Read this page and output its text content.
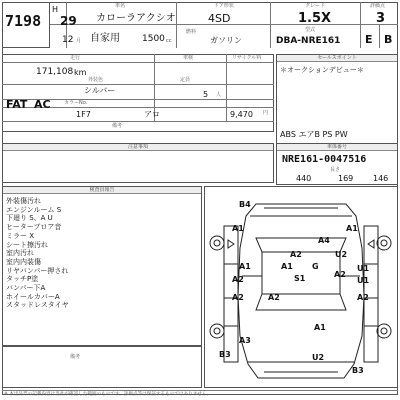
7198
車名	ドア形状	グレード	評価点
H
29 カローラアクシオ	4SD	1.5X	3
12 月 自家用 1500 cc
燃料
ガソリン
型式
DBA-NRE161 E B
走行	車検	リサイクル料
171,108 km
外装色
シルバー
定員
5 人
FAT AC	カラーNo.
1F7	アロ	9,470 円
備考
セールスポイント
＊オークションデビュー＊
ABS エアB PS PW
注意事項	車体番号
NRE161-0047516
長さ
440	169 146
検査員報告
外装傷汚れ
エンジンルーム S
下廻り S、A U
ヒーターブロア音
ミラー X
シート擦汚れ
室内汚れ
室内内装傷
リヤバンパー押され
タッチP塗
バンパー下A
ホイールカバーA
スタッドレスタイヤ
備考
B4
A1	A1
A4
A2	U2
G
A1	A1
A2
A2
S1
U1
U1
A2	A2	A2
A1
A3
B3	U2
B3
※ 本出品票の記載内容は当社が確認した範囲のものです。評価点等は保証するものではありません。
